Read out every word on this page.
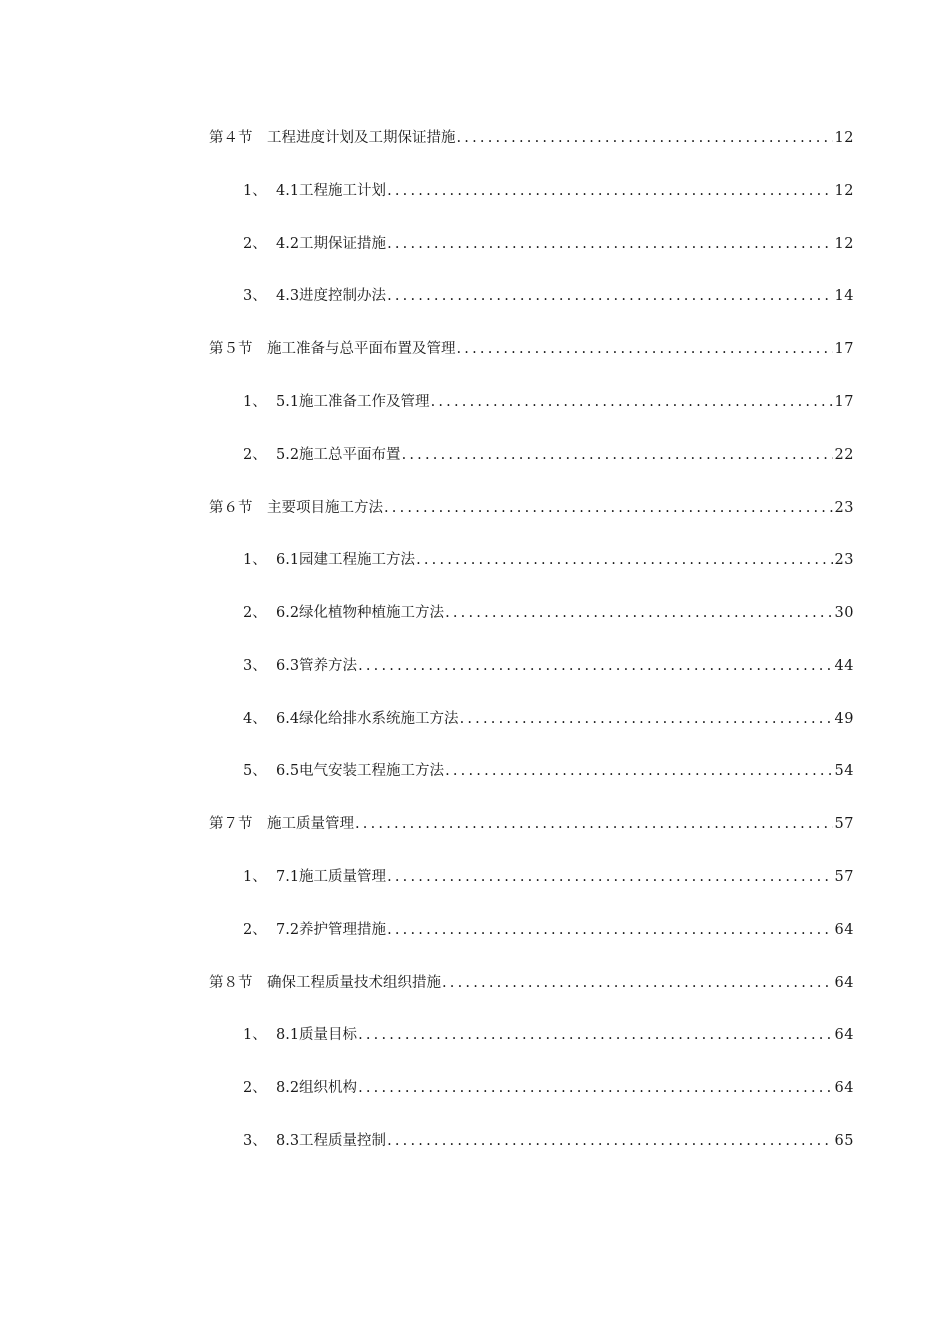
第４节	工程进度计划及工期保证措施 .....	12
1、 4.1工程施工计划 .....	12
2、 4.2工期保证措施 .....	12
3、 4.3进度控制办法 .....	14
第５节	施工准备与总平面布置及管理 .....	17
1、 5.1施工准备工作及管理 .....	17
2、 5.2施工总平面布置 .....	22
第６节	主要项目施工方法 .....	23
1、 6.1园建工程施工方法 .....	23
2、 6.2绿化植物种植施工方法 .....	30
3、 6.3管养方法 .....	44
4、 6.4绿化给排水系统施工方法 .....	49
5、 6.5电气安装工程施工方法 .....	54
第７节	施工质量管理 .....	57
1、 7.1施工质量管理 .....	57
2、 7.2养护管理措施 .....	64
第８节	确保工程质量技术组织措施 .....	64
1、 8.1质量目标 .....	64
2、 8.2组织机构 .....	64
3、 8.3工程质量控制 .....	65
